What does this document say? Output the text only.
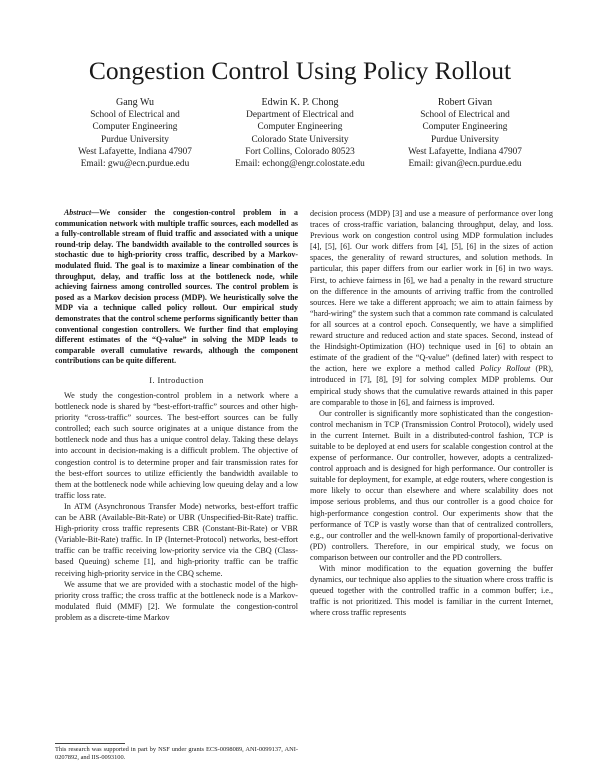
Congestion Control Using Policy Rollout
Gang Wu
School of Electrical and
Computer Engineering
Purdue University
West Lafayette, Indiana 47907
Email: gwu@ecn.purdue.edu
Edwin K. P. Chong
Department of Electrical and
Computer Engineering
Colorado State University
Fort Collins, Colorado 80523
Email: echong@engr.colostate.edu
Robert Givan
School of Electrical and
Computer Engineering
Purdue University
West Lafayette, Indiana 47907
Email: givan@ecn.purdue.edu

Abstract—We consider the congestion-control problem in a communication network with multiple traffic sources, each modelled as a fully-controllable stream of fluid traffic and associated with a unique round-trip delay. The bandwidth available to the controlled sources is stochastic due to high-priority cross traffic, described by a Markov-modulated fluid. The goal is to maximize a linear combination of the throughput, delay, and traffic loss at the bottleneck node, while achieving fairness among controlled sources. The control problem is posed as a Markov decision process (MDP). We heuristically solve the MDP via a technique called policy rollout. Our empirical study demonstrates that the control scheme performs significantly better than conventional congestion controllers. We further find that employing different estimates of the “Q-value” in solving the MDP leads to comparable overall cumulative rewards, although the component contributions can be quite different.

I. Introduction

We study the congestion-control problem in a network where a bottleneck node is shared by “best-effort-traffic” sources and other high-priority “cross-traffic” sources. The best-effort sources can be fully controlled; each such source originates at a unique distance from the bottleneck node and thus has a unique control delay. Taking these delays into account in decision-making is a difficult problem. The objective of congestion control is to determine proper and fair transmission rates for the best-effort sources to utilize efficiently the bandwidth available to them at the bottleneck node while achieving low queuing delay and a low traffic loss rate.

In ATM (Asynchronous Transfer Mode) networks, best-effort traffic can be ABR (Available-Bit-Rate) or UBR (Unspecified-Bit-Rate) traffic. High-priority cross traffic represents CBR (Constant-Bit-Rate) or VBR (Variable-Bit-Rate) traffic. In IP (Internet-Protocol) networks, best-effort traffic can be traffic receiving low-priority service via the CBQ (Class-based Queuing) scheme [1], and high-priority traffic can be traffic receiving high-priority service in the CBQ scheme.

We assume that we are provided with a stochastic model of the high-priority cross traffic; the cross traffic at the bottleneck node is a Markov-modulated fluid (MMF) [2]. We formulate the congestion-control problem as a discrete-time Markov

This research was supported in part by NSF under grants ECS-0098089, ANI-0099137, ANI-0207892, and IIS-0093100.

decision process (MDP) [3] and use a measure of performance over long traces of cross-traffic variation, balancing throughput, delay, and loss. Previous work on congestion control using MDP formulation includes [4], [5], [6]. Our work differs from [4], [5], [6] in the sizes of action spaces, the generality of reward structures, and solution methods. In particular, this paper differs from our earlier work in [6] in two ways. First, to achieve fairness in [6], we had a penalty in the reward structure on the difference in the amounts of arriving traffic from the controlled sources. Here we take a different approach; we aim to attain fairness by “hard-wiring” the system such that a common rate command is calculated for all sources at a control epoch. Consequently, we have a simplified reward structure and reduced action and state spaces. Second, instead of the Hindsight-Optimization (HO) technique used in [6] to obtain an estimate of the gradient of the “Q-value” (defined later) with respect to the action, here we explore a method called Policy Rollout (PR), introduced in [7], [8], [9] for solving complex MDP problems. Our empirical study shows that the cumulative rewards attained in this paper are comparable to those in [6], and fairness is improved.

Our controller is significantly more sophisticated than the congestion-control mechanism in TCP (Transmission Control Protocol), widely used in the current Internet. Built in a distributed-control fashion, TCP is suitable to be deployed at end users for scalable congestion control at the expense of performance. Our controller, however, adopts a centralized-control approach and is designed for high performance. Our controller is suitable for deployment, for example, at edge routers, where congestion is more likely to occur than elsewhere and where scalability does not impose serious problems, and thus our controller is a good choice for high-performance congestion control. Our experiments show that the performance of TCP is vastly worse than that of centralized controllers, e.g., our controller and the well-known family of proportional-derivative (PD) controllers. Therefore, in our empirical study, we focus on comparison between our controller and the PD controllers.

With minor modification to the equation governing the buffer dynamics, our technique also applies to the situation where cross traffic is queued together with the controlled traffic in a common buffer; i.e., traffic is not prioritized. This model is familiar in the current Internet, where cross traffic represents
